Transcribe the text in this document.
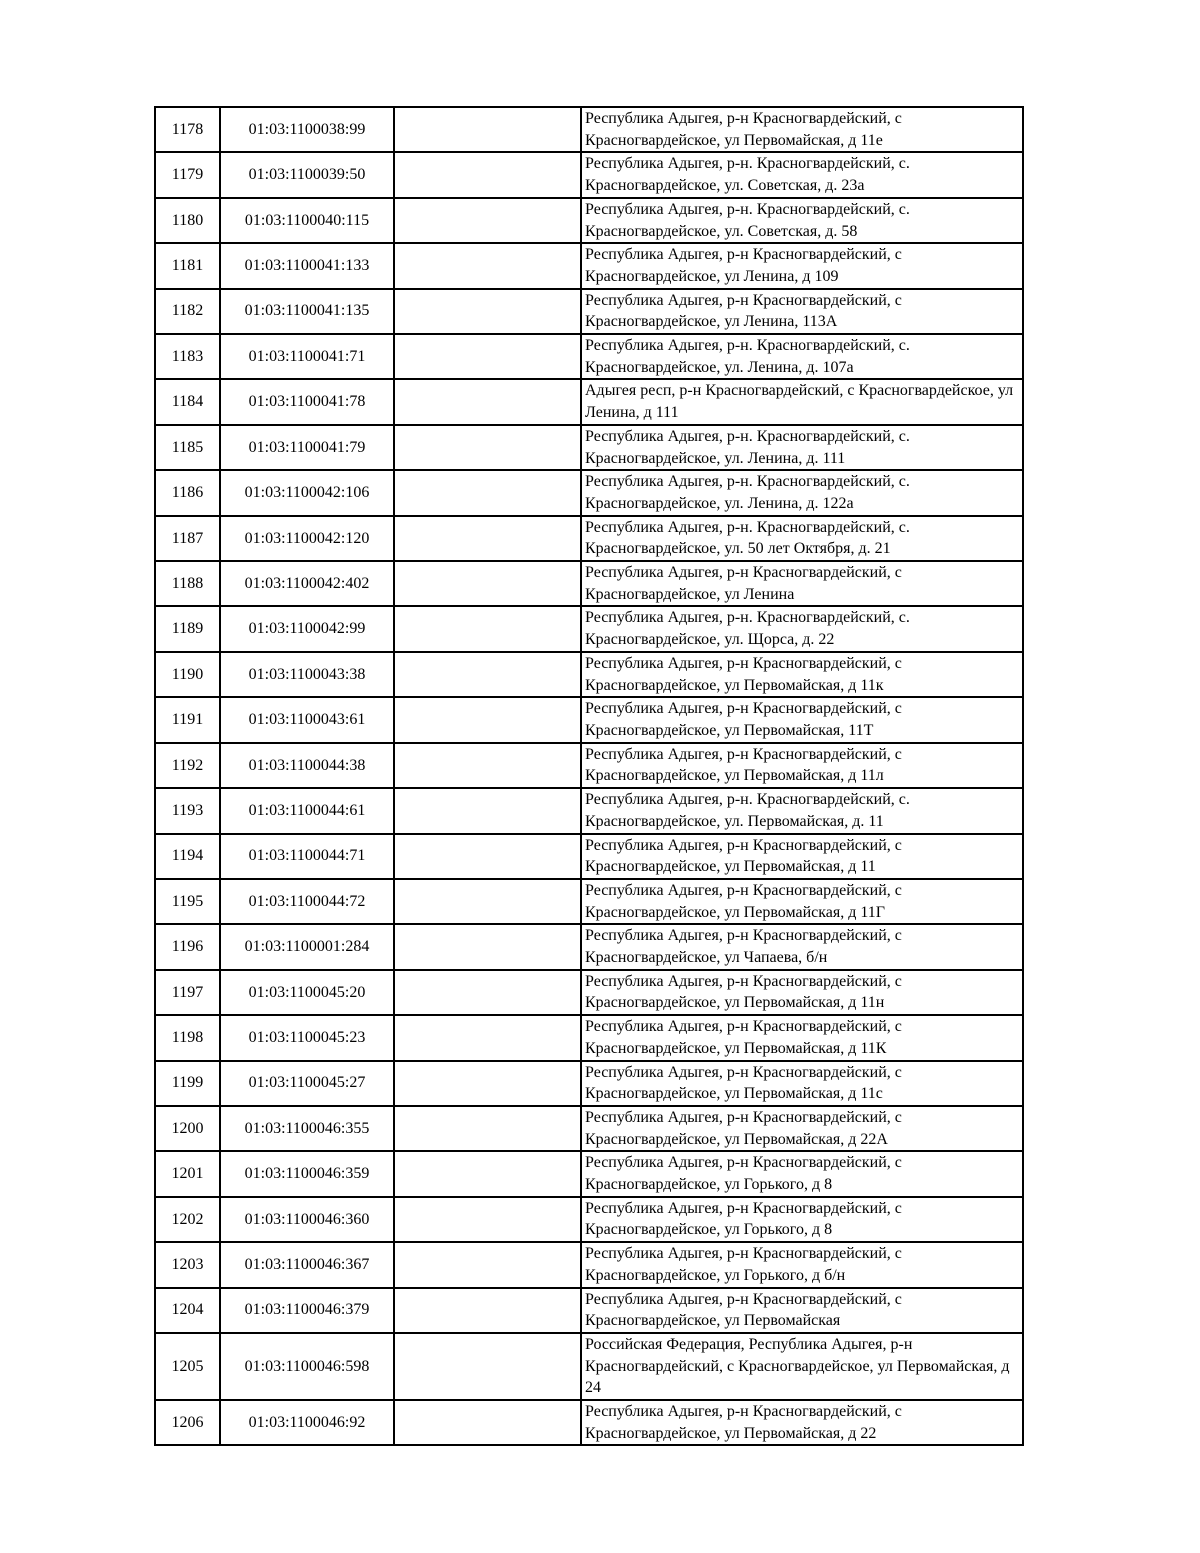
1178	01:03:1100038:99		Республика Адыгея, р-н Красногвардейский, с Красногвардейское, ул Первомайская, д 11е
1179	01:03:1100039:50		Республика Адыгея, р-н. Красногвардейский, с. Красногвардейское, ул. Советская, д. 23а
1180	01:03:1100040:115		Республика Адыгея, р-н. Красногвардейский, с. Красногвардейское, ул. Советская, д. 58
1181	01:03:1100041:133		Республика Адыгея, р-н Красногвардейский, с Красногвардейское, ул Ленина, д 109
1182	01:03:1100041:135		Республика Адыгея, р-н Красногвардейский, с Красногвардейское, ул Ленина, 113А
1183	01:03:1100041:71		Республика Адыгея, р-н. Красногвардейский, с. Красногвардейское, ул. Ленина, д. 107а
1184	01:03:1100041:78		Адыгея респ, р-н Красногвардейский, с Красногвардейское, ул Ленина, д 111
1185	01:03:1100041:79		Республика Адыгея, р-н. Красногвардейский, с. Красногвардейское, ул. Ленина, д. 111
1186	01:03:1100042:106		Республика Адыгея, р-н. Красногвардейский, с. Красногвардейское, ул. Ленина, д. 122а
1187	01:03:1100042:120		Республика Адыгея, р-н. Красногвардейский, с. Красногвардейское, ул. 50 лет Октября, д. 21
1188	01:03:1100042:402		Республика Адыгея, р-н Красногвардейский, с Красногвардейское, ул Ленина
1189	01:03:1100042:99		Республика Адыгея, р-н. Красногвардейский, с. Красногвардейское, ул. Щорса, д. 22
1190	01:03:1100043:38		Республика Адыгея, р-н Красногвардейский, с Красногвардейское, ул Первомайская, д 11к
1191	01:03:1100043:61		Республика Адыгея, р-н Красногвардейский, с Красногвардейское, ул Первомайская, 11Т
1192	01:03:1100044:38		Республика Адыгея, р-н Красногвардейский, с Красногвардейское, ул Первомайская, д 11л
1193	01:03:1100044:61		Республика Адыгея, р-н. Красногвардейский, с. Красногвардейское, ул. Первомайская, д. 11
1194	01:03:1100044:71		Республика Адыгея, р-н Красногвардейский, с Красногвардейское, ул Первомайская, д 11
1195	01:03:1100044:72		Республика Адыгея, р-н Красногвардейский, с Красногвардейское, ул Первомайская, д 11Г
1196	01:03:1100001:284		Республика Адыгея, р-н Красногвардейский, с Красногвардейское, ул Чапаева, б/н
1197	01:03:1100045:20		Республика Адыгея, р-н Красногвардейский, с Красногвардейское, ул Первомайская, д 11н
1198	01:03:1100045:23		Республика Адыгея, р-н Красногвардейский, с Красногвардейское, ул Первомайская, д 11К
1199	01:03:1100045:27		Республика Адыгея, р-н Красногвардейский, с Красногвардейское, ул Первомайская, д 11с
1200	01:03:1100046:355		Республика Адыгея, р-н Красногвардейский, с Красногвардейское, ул Первомайская, д 22А
1201	01:03:1100046:359		Республика Адыгея, р-н Красногвардейский, с Красногвардейское, ул Горького, д 8
1202	01:03:1100046:360		Республика Адыгея, р-н Красногвардейский, с Красногвардейское, ул Горького, д 8
1203	01:03:1100046:367		Республика Адыгея, р-н Красногвардейский, с Красногвардейское, ул Горького, д б/н
1204	01:03:1100046:379		Республика Адыгея, р-н Красногвардейский, с Красногвардейское, ул Первомайская
1205	01:03:1100046:598		Российская Федерация, Республика Адыгея, р-н Красногвардейский, с Красногвардейское, ул Первомайская, д 24
1206	01:03:1100046:92		Республика Адыгея, р-н Красногвардейский, с Красногвардейское, ул Первомайская, д 22
